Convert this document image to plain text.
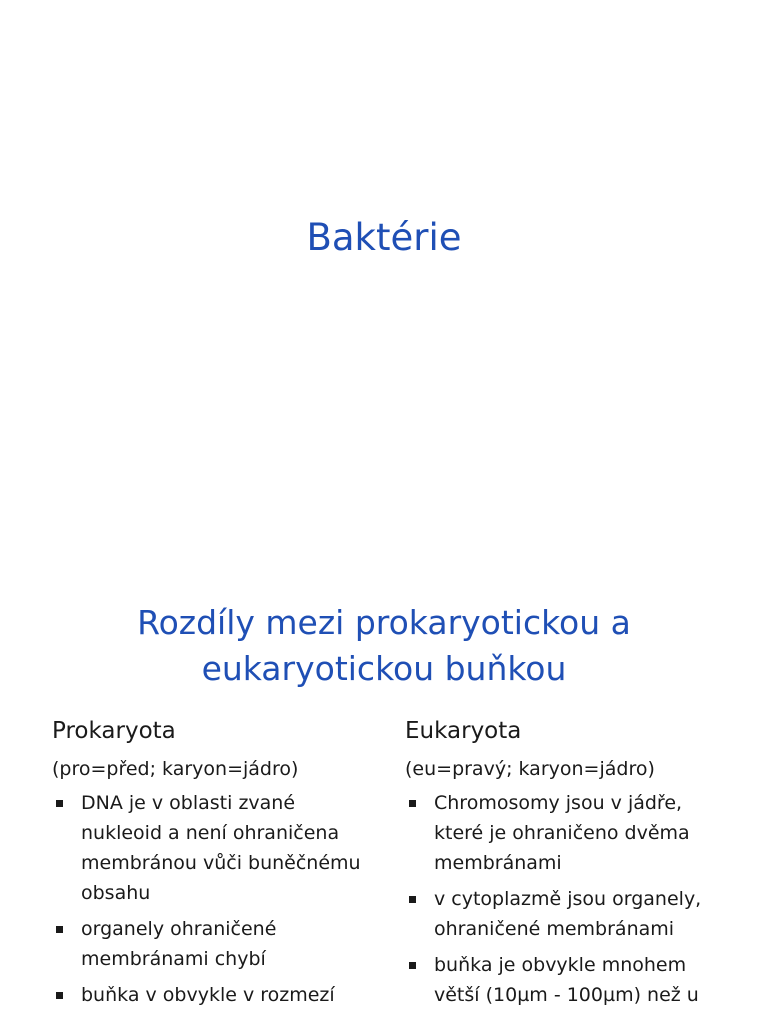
Baktérie
Rozdíly mezi prokaryotickou a
eukaryotickou buňkou
Prokaryota
(pro=před; karyon=jádro)
DNA je v oblasti zvané nukleoid a není ohraničena membránou vůči buněčnému obsahu
organely ohraničené membránami chybí
buňka v obvykle v rozmezí
Eukaryota
(eu=pravý; karyon=jádro)
Chromosomy jsou v jádře, které je ohraničeno dvěma membránami
v cytoplazmě jsou organely, ohraničené membránami
buňka je obvykle mnohem větší (10µm - 100µm) než u
